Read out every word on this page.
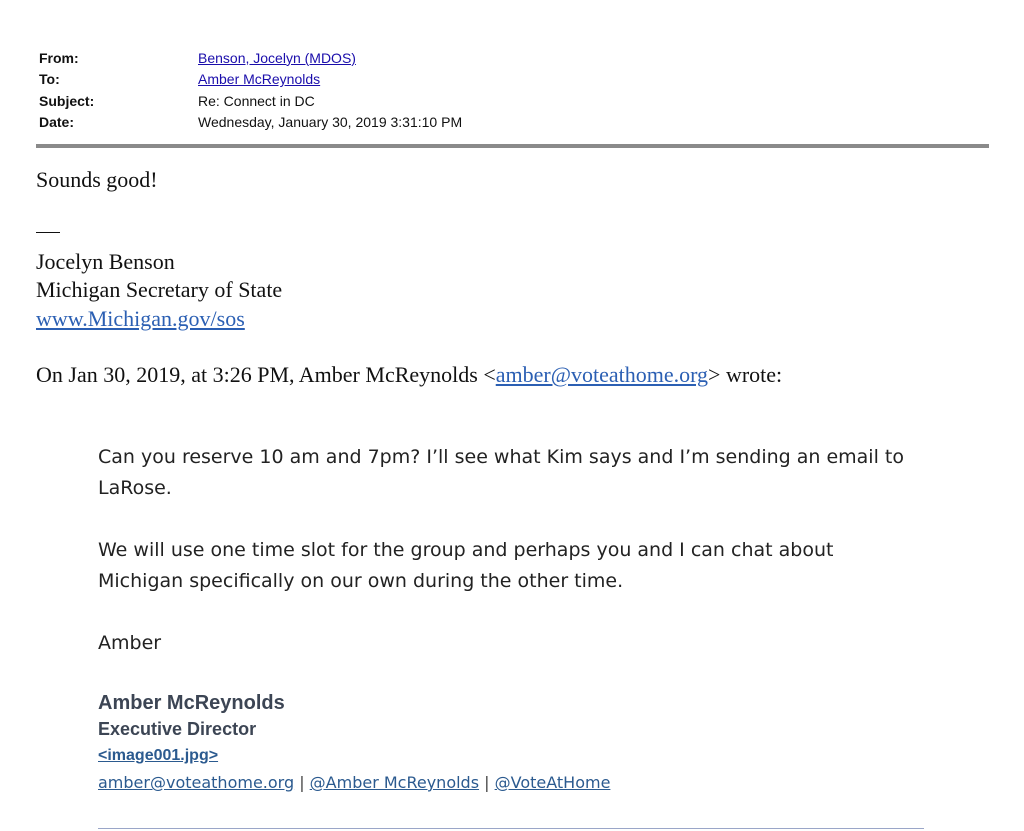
From:	Benson, Jocelyn (MDOS)
To:	Amber McReynolds
Subject:	Re: Connect in DC
Date:	Wednesday, January 30, 2019 3:31:10 PM
Sounds good!
Jocelyn Benson
Michigan Secretary of State
www.Michigan.gov/sos
On Jan 30, 2019, at 3:26 PM, Amber McReynolds <amber@voteathome.org> wrote:
Can you reserve 10 am and 7pm? I’ll see what Kim says and I’m sending an email to LaRose.
We will use one time slot for the group and perhaps you and I can chat about Michigan specifically on our own during the other time.
Amber
Amber McReynolds
Executive Director
<image001.jpg>
amber@voteathome.org | @Amber McReynolds | @VoteAtHome
